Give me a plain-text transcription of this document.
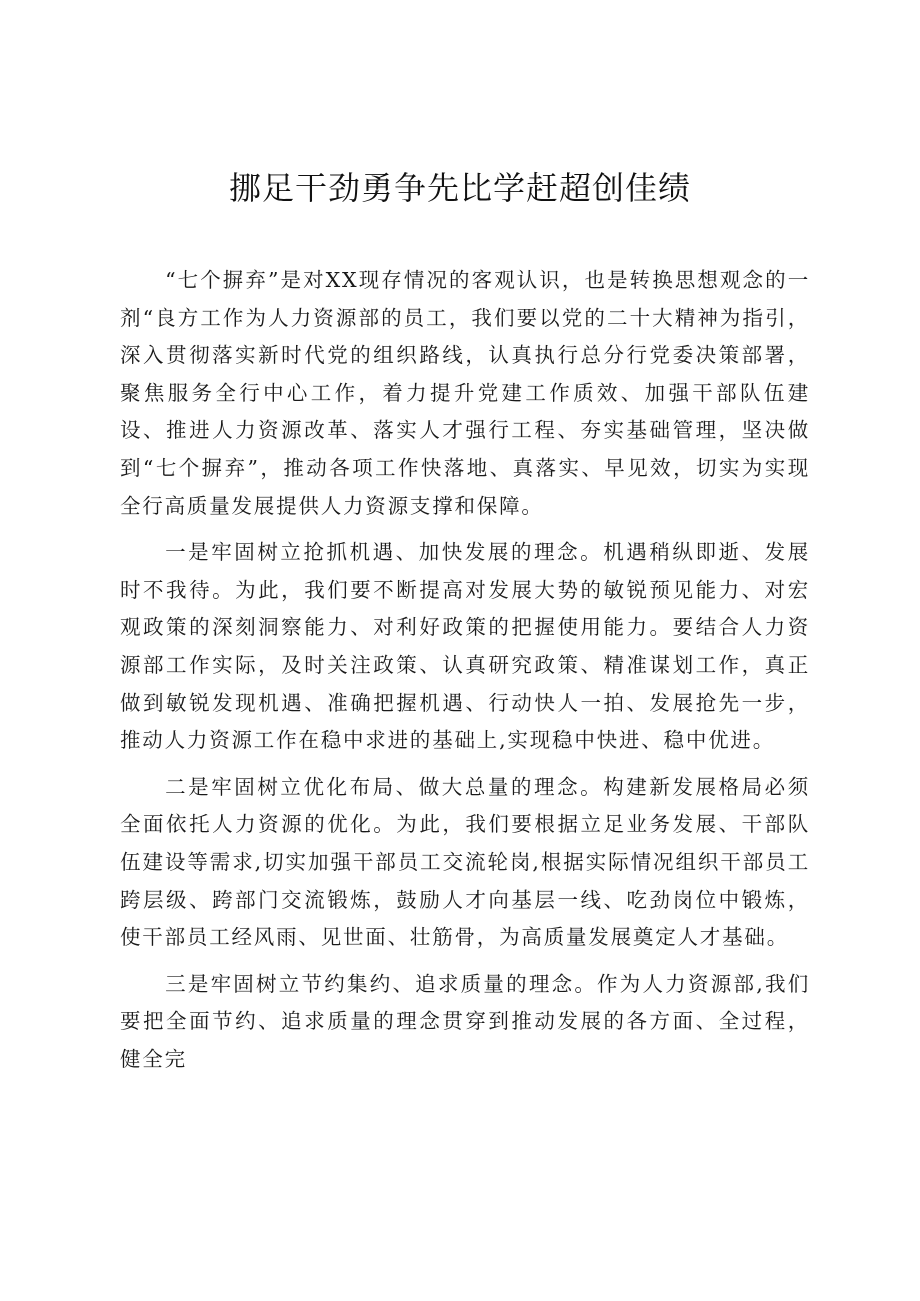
挪足干劲勇争先比学赶超创佳绩

“七个摒弃”是对XX现存情况的客观认识，也是转换思想观念的一剂“良方工作为人力资源部的员工，我们要以党的二十大精神为指引，深入贯彻落实新时代党的组织路线，认真执行总分行党委决策部署，聚焦服务全行中心工作，着力提升党建工作质效、加强干部队伍建设、推进人力资源改革、落实人才强行工程、夯实基础管理，坚决做到“七个摒弃”，推动各项工作快落地、真落实、早见效，切实为实现全行高质量发展提供人力资源支撑和保障。

一是牢固树立抢抓机遇、加快发展的理念。机遇稍纵即逝、发展时不我待。为此，我们要不断提高对发展大势的敏锐预见能力、对宏观政策的深刻洞察能力、对利好政策的把握使用能力。要结合人力资源部工作实际，及时关注政策、认真研究政策、精准谋划工作，真正做到敏锐发现机遇、准确把握机遇、行动快人一拍、发展抢先一步，推动人力资源工作在稳中求进的基础上,实现稳中快进、稳中优进。

二是牢固树立优化布局、做大总量的理念。构建新发展格局必须全面依托人力资源的优化。为此，我们要根据立足业务发展、干部队伍建设等需求,切实加强干部员工交流轮岗,根据实际情况组织干部员工跨层级、跨部门交流锻炼，鼓励人才向基层一线、吃劲岗位中锻炼，使干部员工经风雨、见世面、壮筋骨，为高质量发展奠定人才基础。

三是牢固树立节约集约、追求质量的理念。作为人力资源部,我们要把全面节约、追求质量的理念贯穿到推动发展的各方面、全过程，健全完
